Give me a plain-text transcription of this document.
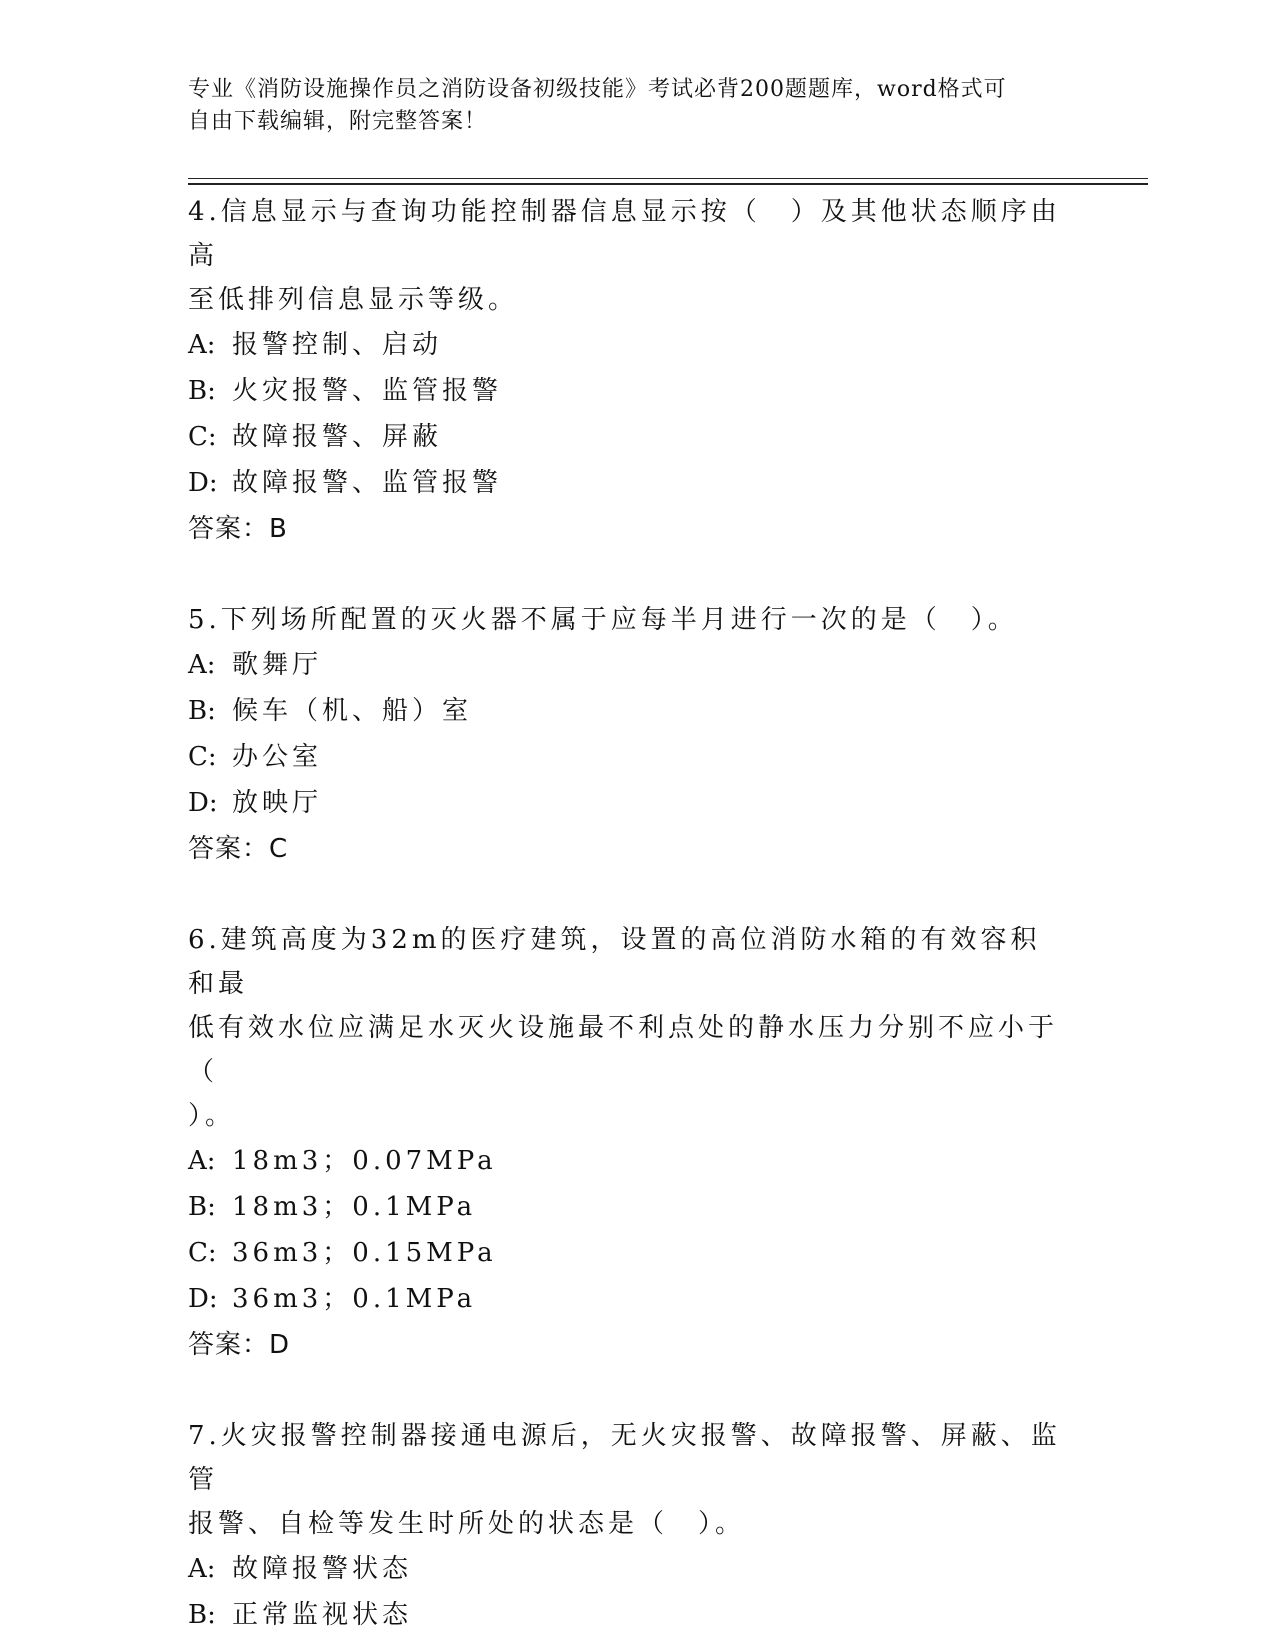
专业《消防设施操作员之消防设备初级技能》考试必背200题题库，word格式可
自由下载编辑，附完整答案！

4.信息显示与查询功能控制器信息显示按（　）及其他状态顺序由高

至低排列信息显示等级。

A: 报警控制、启动

B: 火灾报警、监管报警

C: 故障报警、屏蔽

D: 故障报警、监管报警

答案：B

5.下列场所配置的灭火器不属于应每半月进行一次的是（　）。

A: 歌舞厅

B: 候车（机、船）室

C: 办公室

D: 放映厅

答案：C

6.建筑高度为32m的医疗建筑，设置的高位消防水箱的有效容积和最

低有效水位应满足水灭火设施最不利点处的静水压力分别不应小于（

）。

A: 18m3；0.07MPa

B: 18m3；0.1MPa

C: 36m3；0.15MPa

D: 36m3；0.1MPa

答案：D

7.火灾报警控制器接通电源后，无火灾报警、故障报警、屏蔽、监管

报警、自检等发生时所处的状态是（　）。

A: 故障报警状态

B: 正常监视状态
